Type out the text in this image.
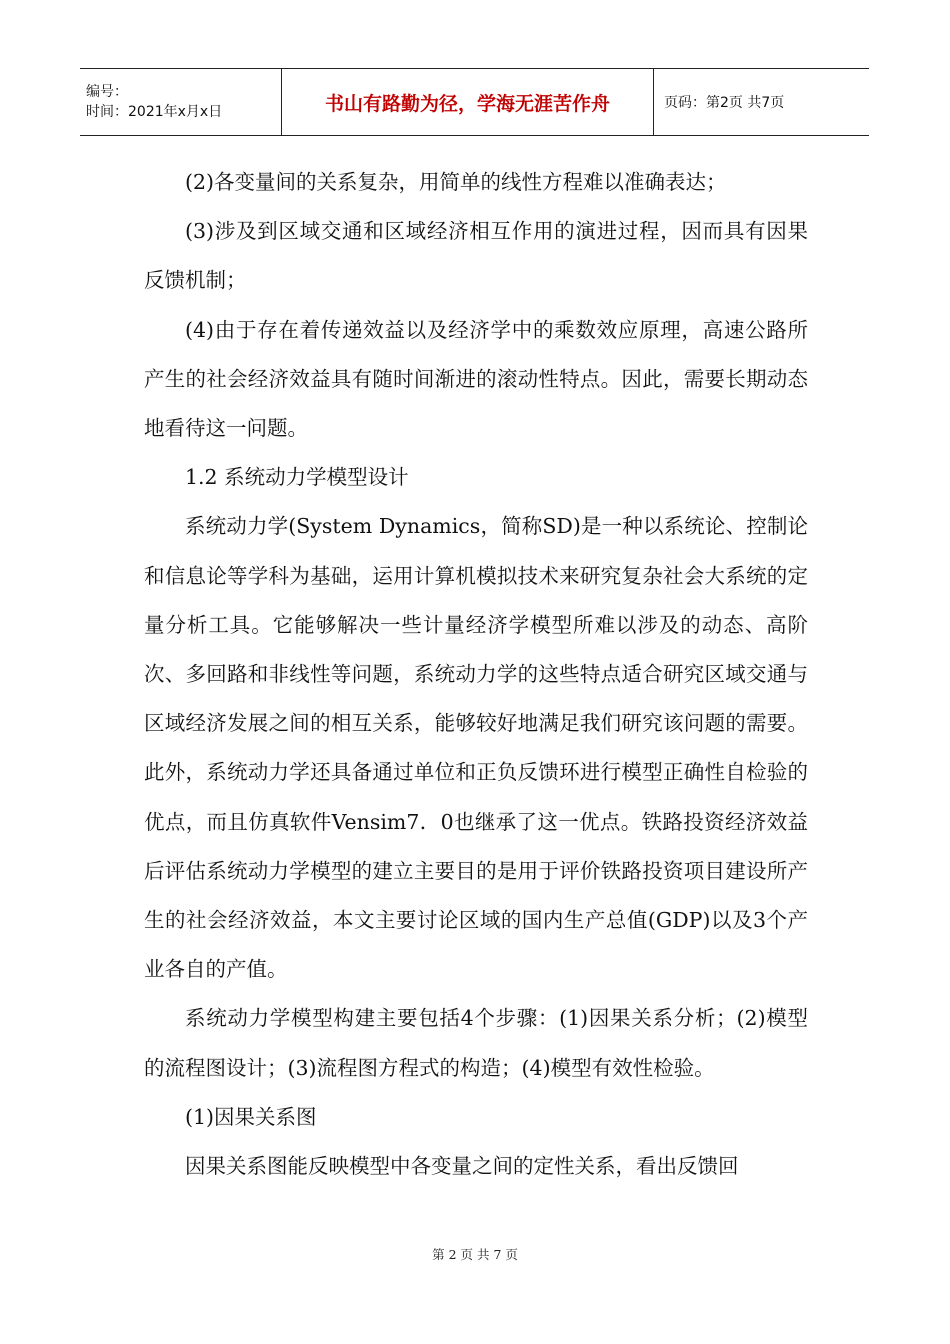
编号：
时间：2021年x月x日	书山有路勤为径，学海无涯苦作舟	页码：第2页 共7页

(2)各变量间的关系复杂，用简单的线性方程难以准确表达；

(3)涉及到区域交通和区域经济相互作用的演进过程，因而具有因果反馈机制；

(4)由于存在着传递效益以及经济学中的乘数效应原理，高速公路所产生的社会经济效益具有随时间渐进的滚动性特点。因此，需要长期动态地看待这一问题。

1.2 系统动力学模型设计

系统动力学(System Dynamics，简称SD)是一种以系统论、控制论和信息论等学科为基础，运用计算机模拟技术来研究复杂社会大系统的定量分析工具。它能够解决一些计量经济学模型所难以涉及的动态、高阶次、多回路和非线性等问题，系统动力学的这些特点适合研究区域交通与区域经济发展之间的相互关系，能够较好地满足我们研究该问题的需要。此外，系统动力学还具备通过单位和正负反馈环进行模型正确性自检验的优点，而且仿真软件Vensim7．0也继承了这一优点。铁路投资经济效益后评估系统动力学模型的建立主要目的是用于评价铁路投资项目建设所产生的社会经济效益，本文主要讨论区域的国内生产总值(GDP)以及3个产业各自的产值。

系统动力学模型构建主要包括4个步骤：(1)因果关系分析；(2)模型的流程图设计；(3)流程图方程式的构造；(4)模型有效性检验。

(1)因果关系图

因果关系图能反映模型中各变量之间的定性关系，看出反馈回

第 2 页 共 7 页
